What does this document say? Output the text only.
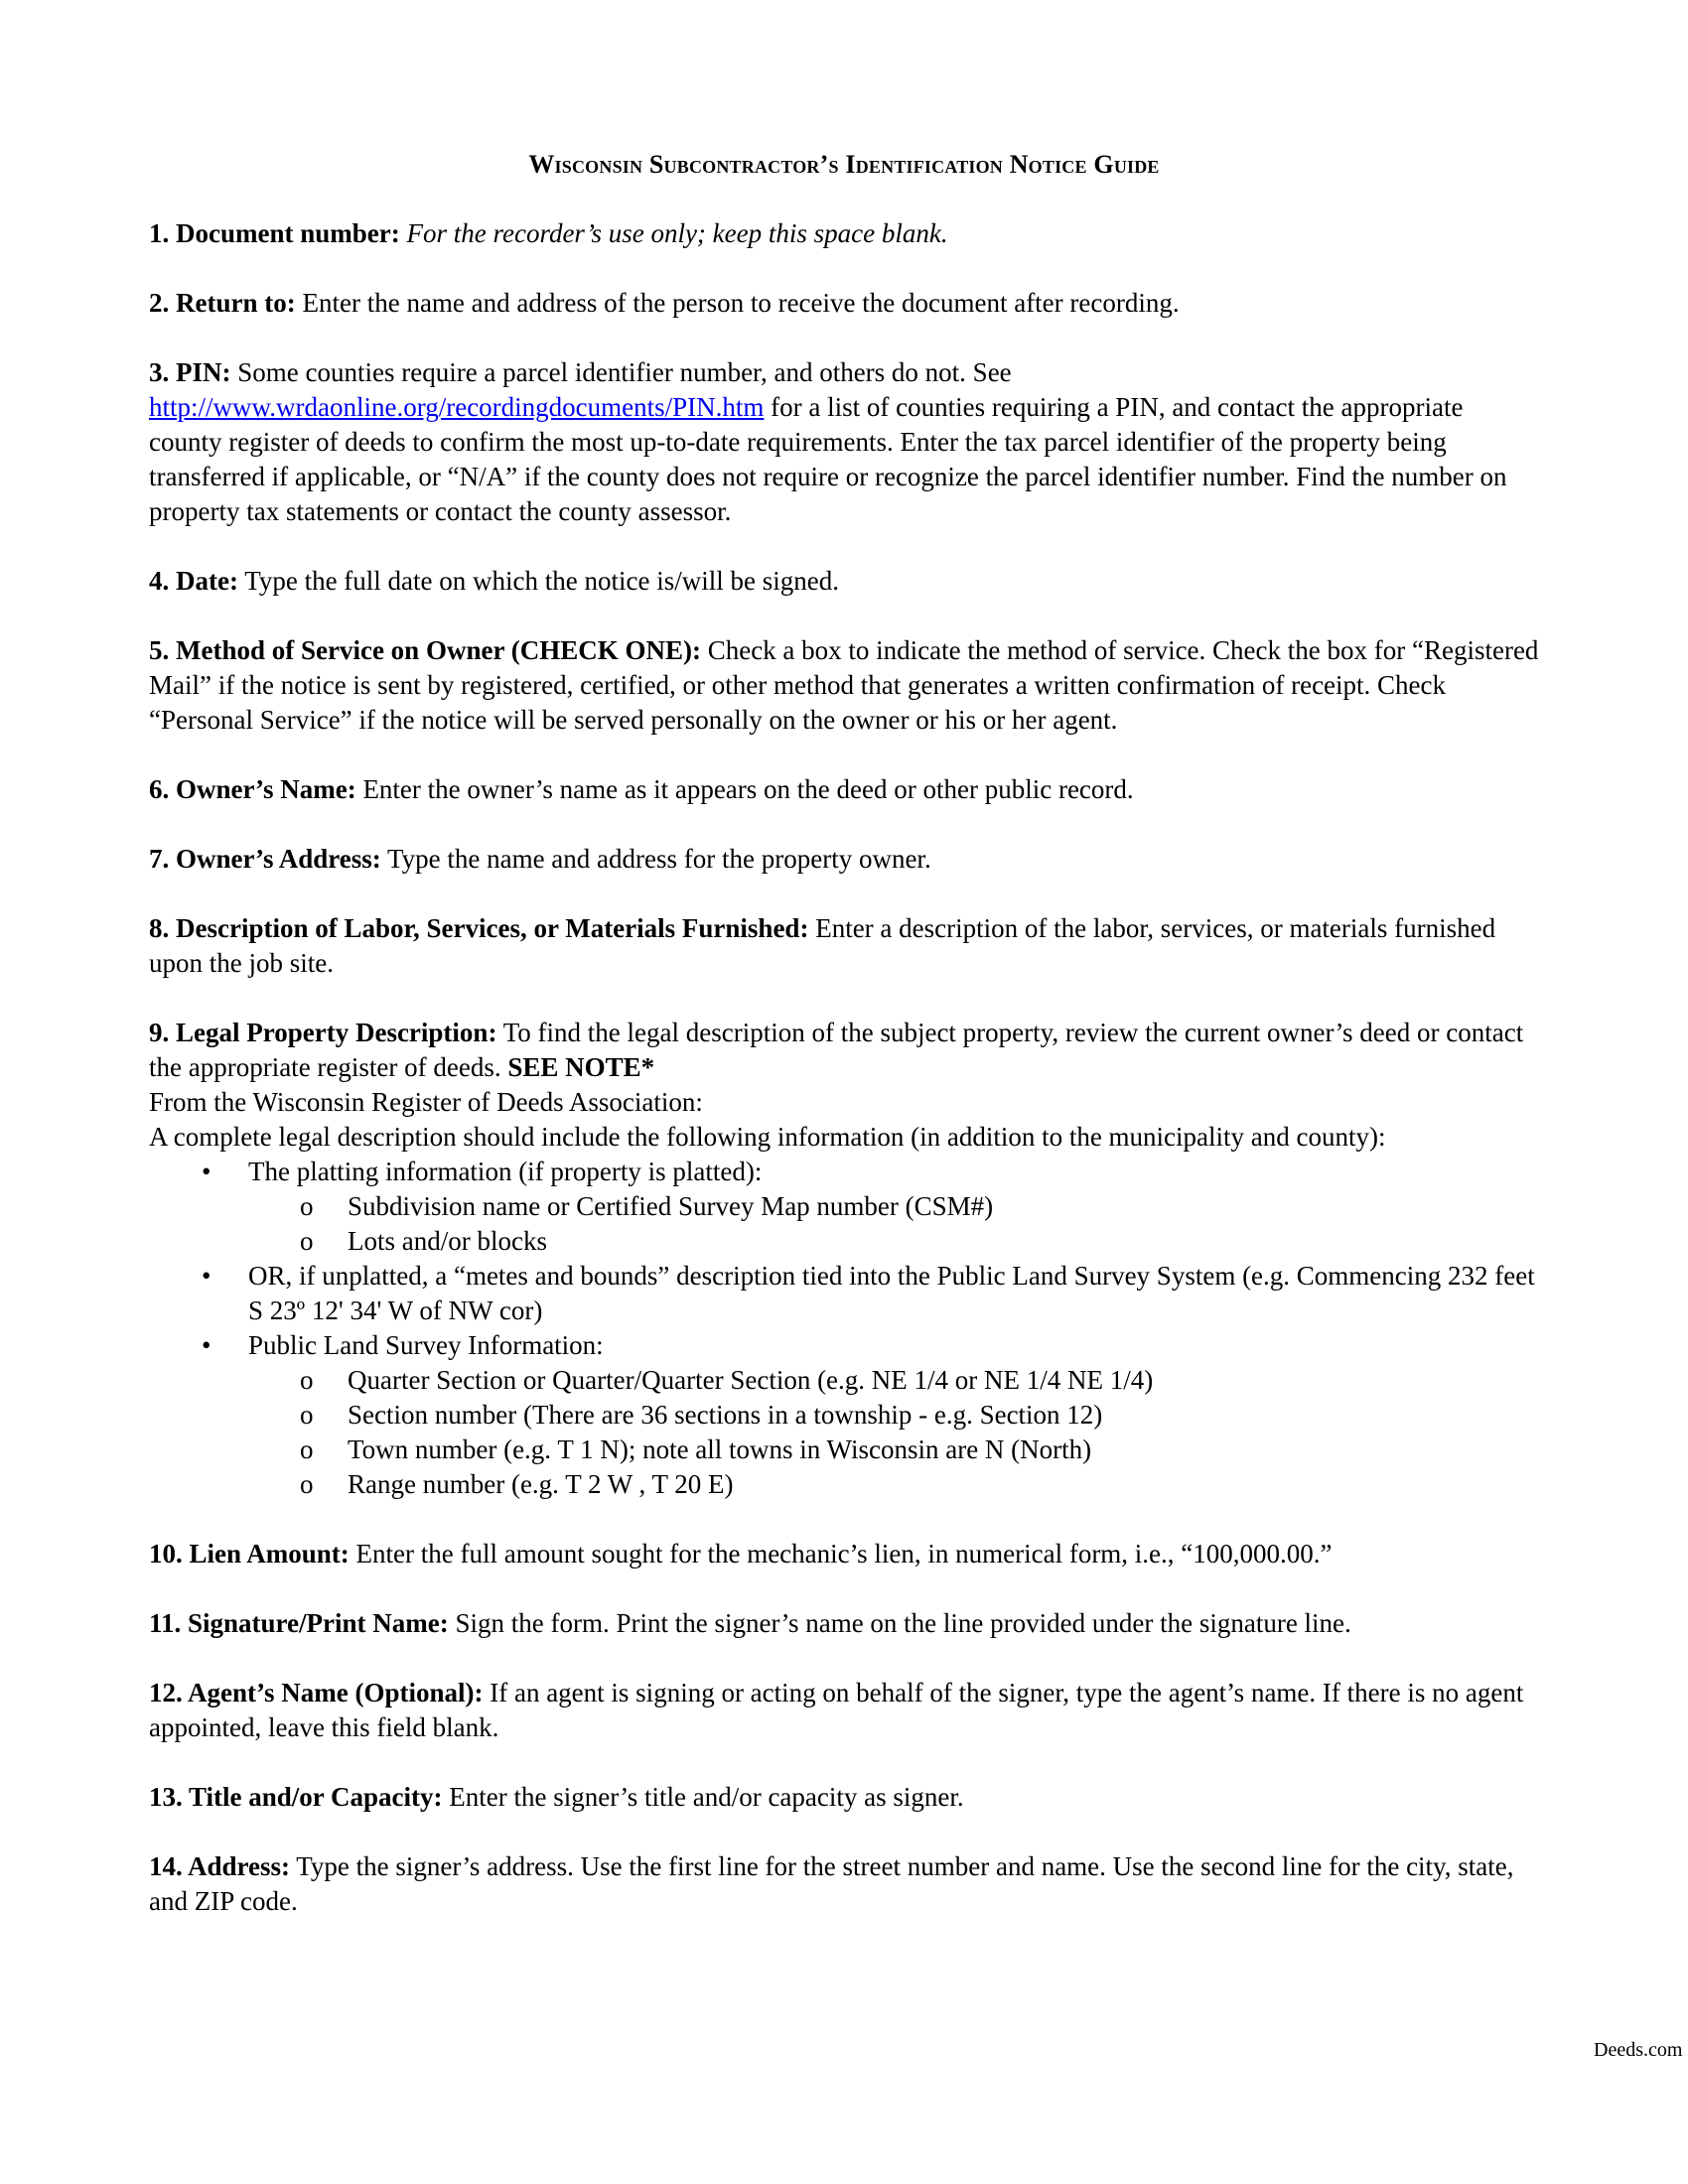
Wisconsin Subcontractor’s Identification Notice Guide

1. Document number: For the recorder’s use only; keep this space blank.

2. Return to: Enter the name and address of the person to receive the document after recording.

3. PIN: Some counties require a parcel identifier number, and others do not. See
http://www.wrdaonline.org/recordingdocuments/PIN.htm for a list of counties requiring a PIN, and contact the appropriate county register of deeds to confirm the most up-to-date requirements. Enter the tax parcel identifier of the property being transferred if applicable, or “N/A” if the county does not require or recognize the parcel identifier number. Find the number on property tax statements or contact the county assessor.

4. Date: Type the full date on which the notice is/will be signed.

5. Method of Service on Owner (CHECK ONE): Check a box to indicate the method of service. Check the box for “Registered Mail” if the notice is sent by registered, certified, or other method that generates a written confirmation of receipt. Check “Personal Service” if the notice will be served personally on the owner or his or her agent.

6. Owner’s Name: Enter the owner’s name as it appears on the deed or other public record.

7. Owner’s Address: Type the name and address for the property owner.

8. Description of Labor, Services, or Materials Furnished: Enter a description of the labor, services, or materials furnished upon the job site.

9. Legal Property Description: To find the legal description of the subject property, review the current owner’s deed or contact the appropriate register of deeds. SEE NOTE*

From the Wisconsin Register of Deeds Association:

A complete legal description should include the following information (in addition to the municipality and county):

• The platting information (if property is platted):
o Subdivision name or Certified Survey Map number (CSM#)
o Lots and/or blocks
• OR, if unplatted, a “metes and bounds” description tied into the Public Land Survey System (e.g. Commencing 232 feet S 23º 12' 34' W of NW cor)
• Public Land Survey Information:
o Quarter Section or Quarter/Quarter Section (e.g. NE 1/4 or NE 1/4 NE 1/4)
o Section number (There are 36 sections in a township - e.g. Section 12)
o Town number (e.g. T 1 N); note all towns in Wisconsin are N (North)
o Range number (e.g. T 2 W , T 20 E)

10. Lien Amount: Enter the full amount sought for the mechanic’s lien, in numerical form, i.e., “100,000.00.”

11. Signature/Print Name: Sign the form. Print the signer’s name on the line provided under the signature line.

12. Agent’s Name (Optional): If an agent is signing or acting on behalf of the signer, type the agent’s name. If there is no agent appointed, leave this field blank.

13. Title and/or Capacity: Enter the signer’s title and/or capacity as signer.

14. Address: Type the signer’s address. Use the first line for the street number and name. Use the second line for the city, state, and ZIP code.

Deeds.com
